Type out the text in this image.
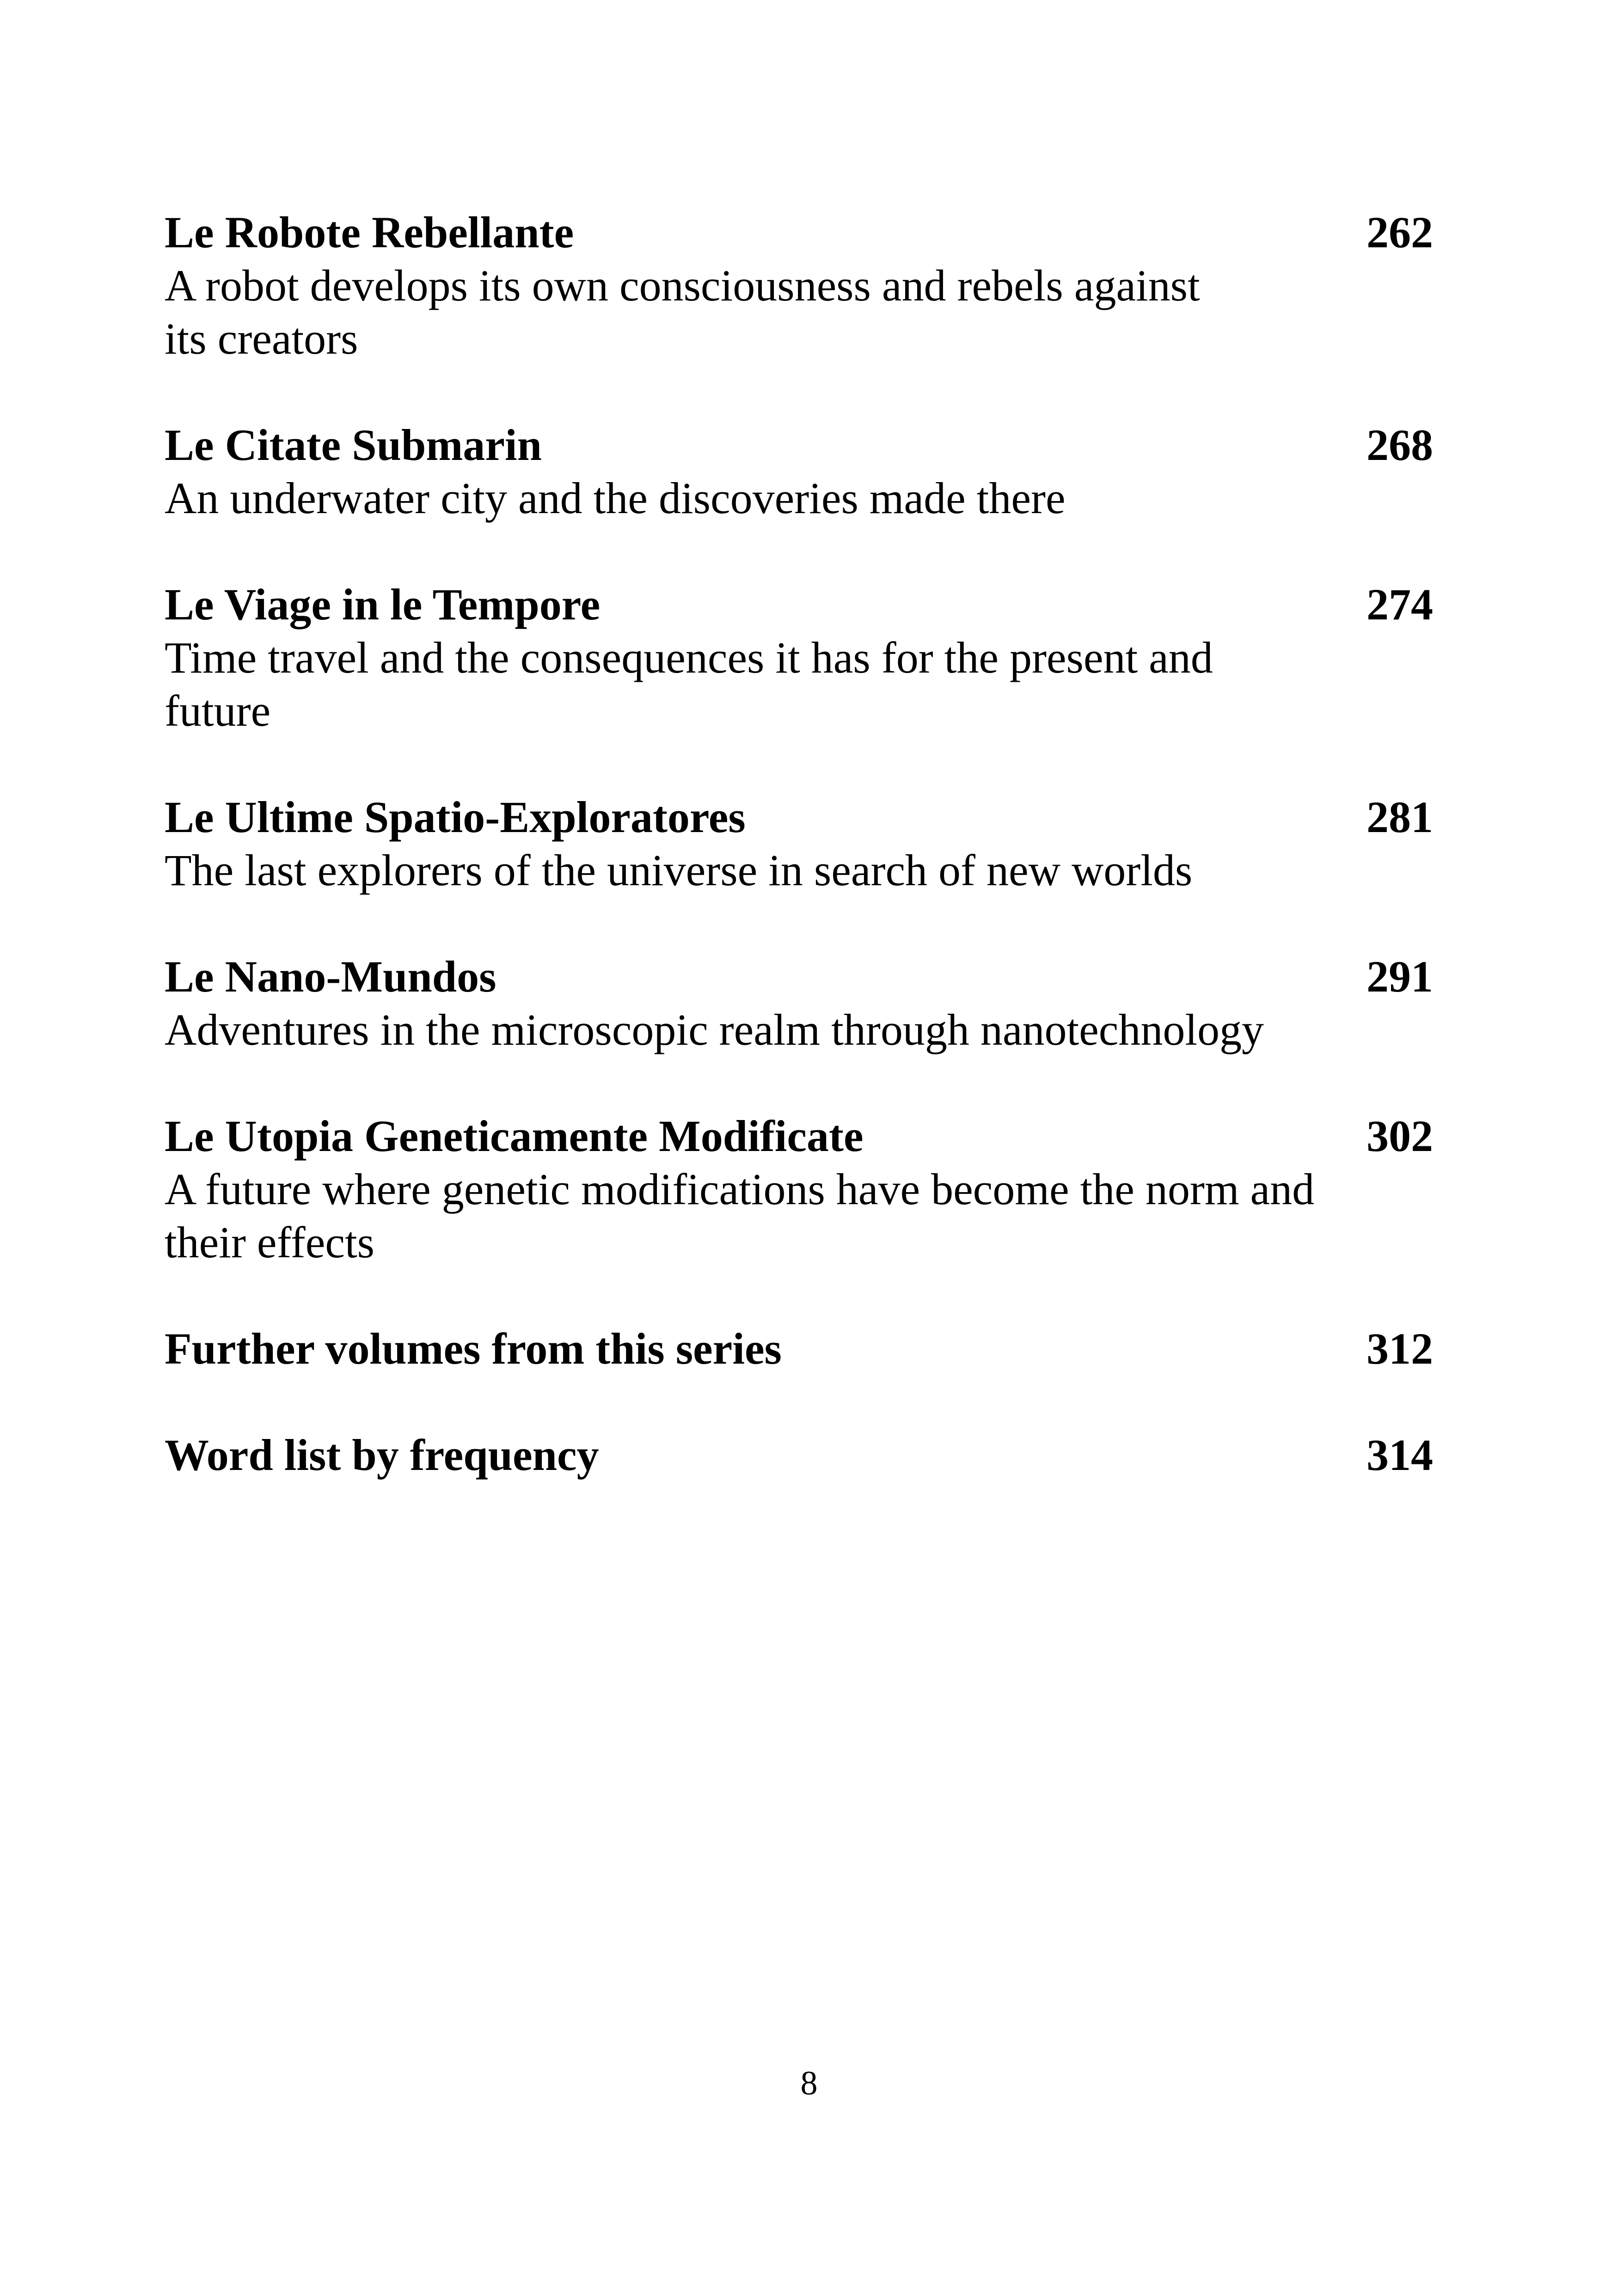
Le Robote Rebellante	262
A robot develops its own consciousness and rebels against
its creators
Le Citate Submarin	268
An underwater city and the discoveries made there
Le Viage in le Tempore	274
Time travel and the consequences it has for the present and
future
Le Ultime Spatio-Exploratores	281
The last explorers of the universe in search of new worlds
Le Nano-Mundos	291
Adventures in the microscopic realm through nanotechnology
Le Utopia Geneticamente Modificate	302
A future where genetic modifications have become the norm and
their effects
Further volumes from this series	312
Word list by frequency	314
8
